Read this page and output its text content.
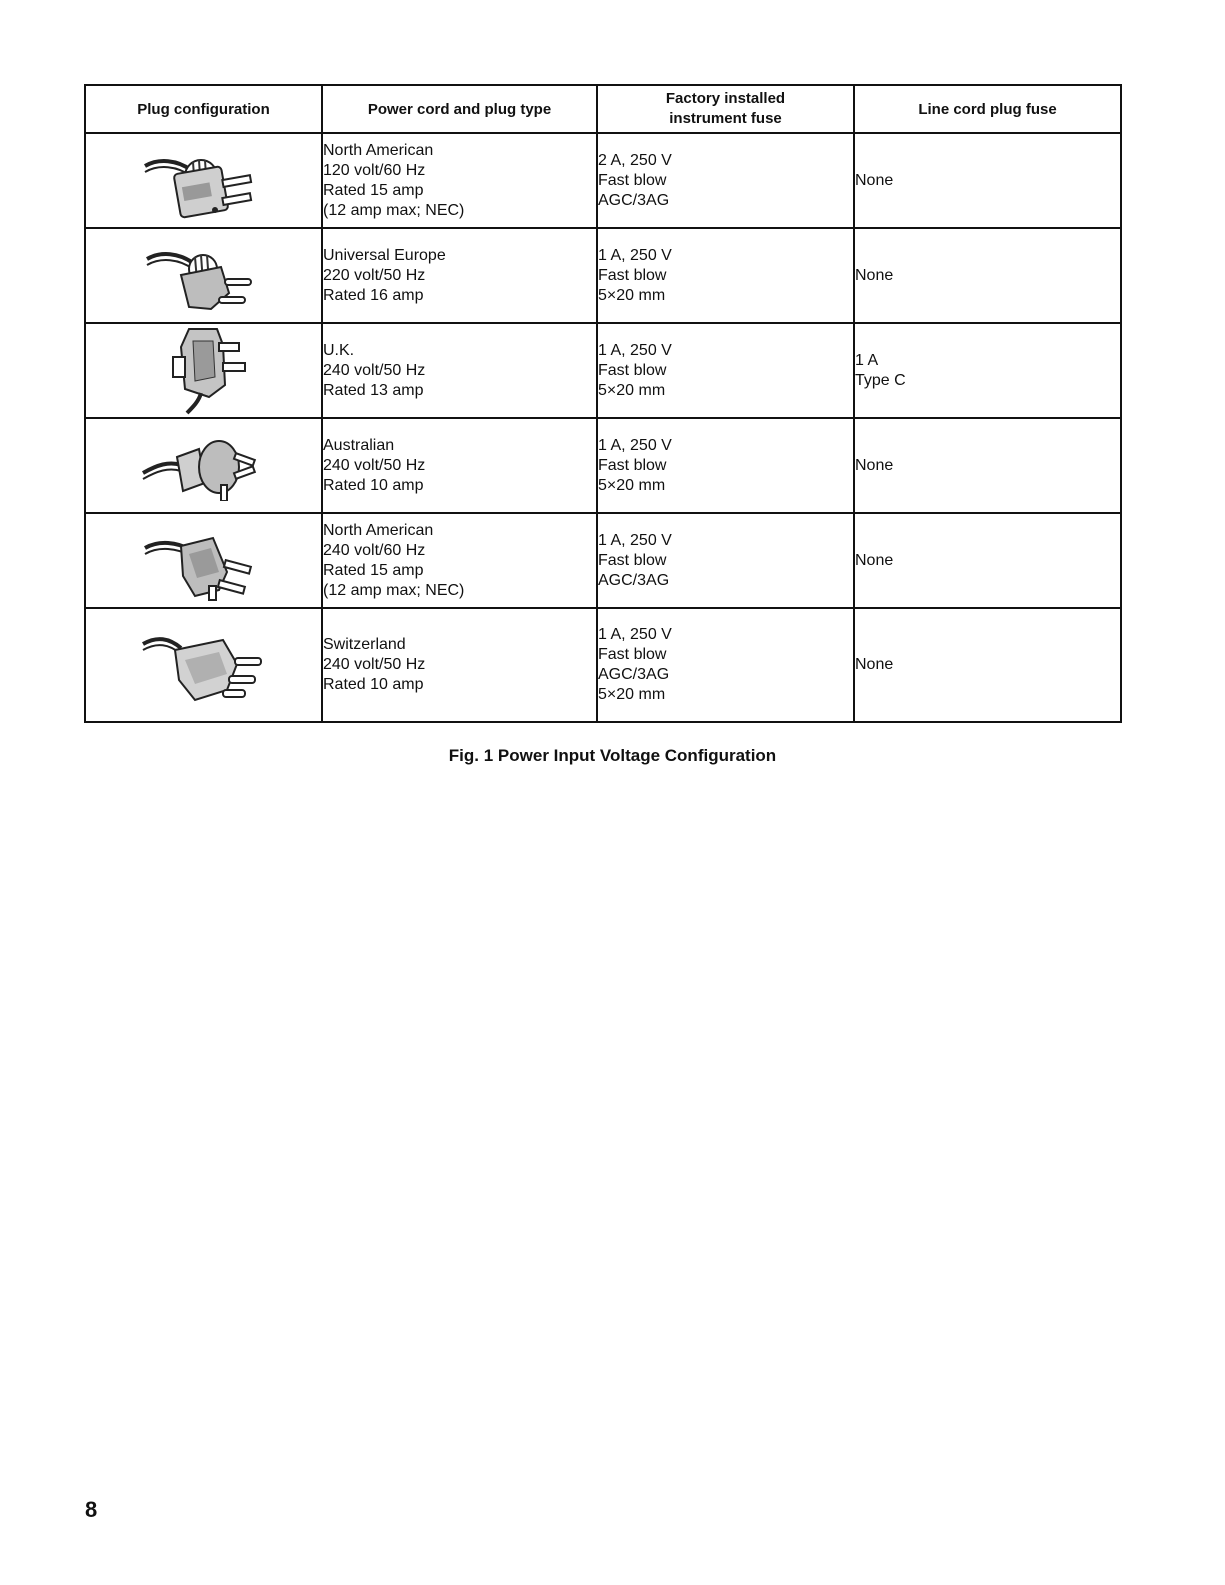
Plug configuration	Power cord and plug type	Factory installed instrument fuse	Line cord plug fuse

North American
120 volt/60 Hz
Rated 15 amp
(12 amp max; NEC)	2 A, 250 V
Fast blow
AGC/3AG	None

Universal Europe
220 volt/50 Hz
Rated 16 amp	1 A, 250 V
Fast blow
5×20 mm	None

U.K.
240 volt/50 Hz
Rated 13 amp	1 A, 250 V
Fast blow
5×20 mm	1 A
Type C

Australian
240 volt/50 Hz
Rated 10 amp	1 A, 250 V
Fast blow
5×20 mm	None

North American
240 volt/60 Hz
Rated 15 amp
(12 amp max; NEC)	1 A, 250 V
Fast blow
AGC/3AG	None

Switzerland
240 volt/50 Hz
Rated 10 amp	1 A, 250 V
Fast blow
AGC/3AG
5×20 mm	None
Fig. 1 Power Input Voltage Configuration
8
